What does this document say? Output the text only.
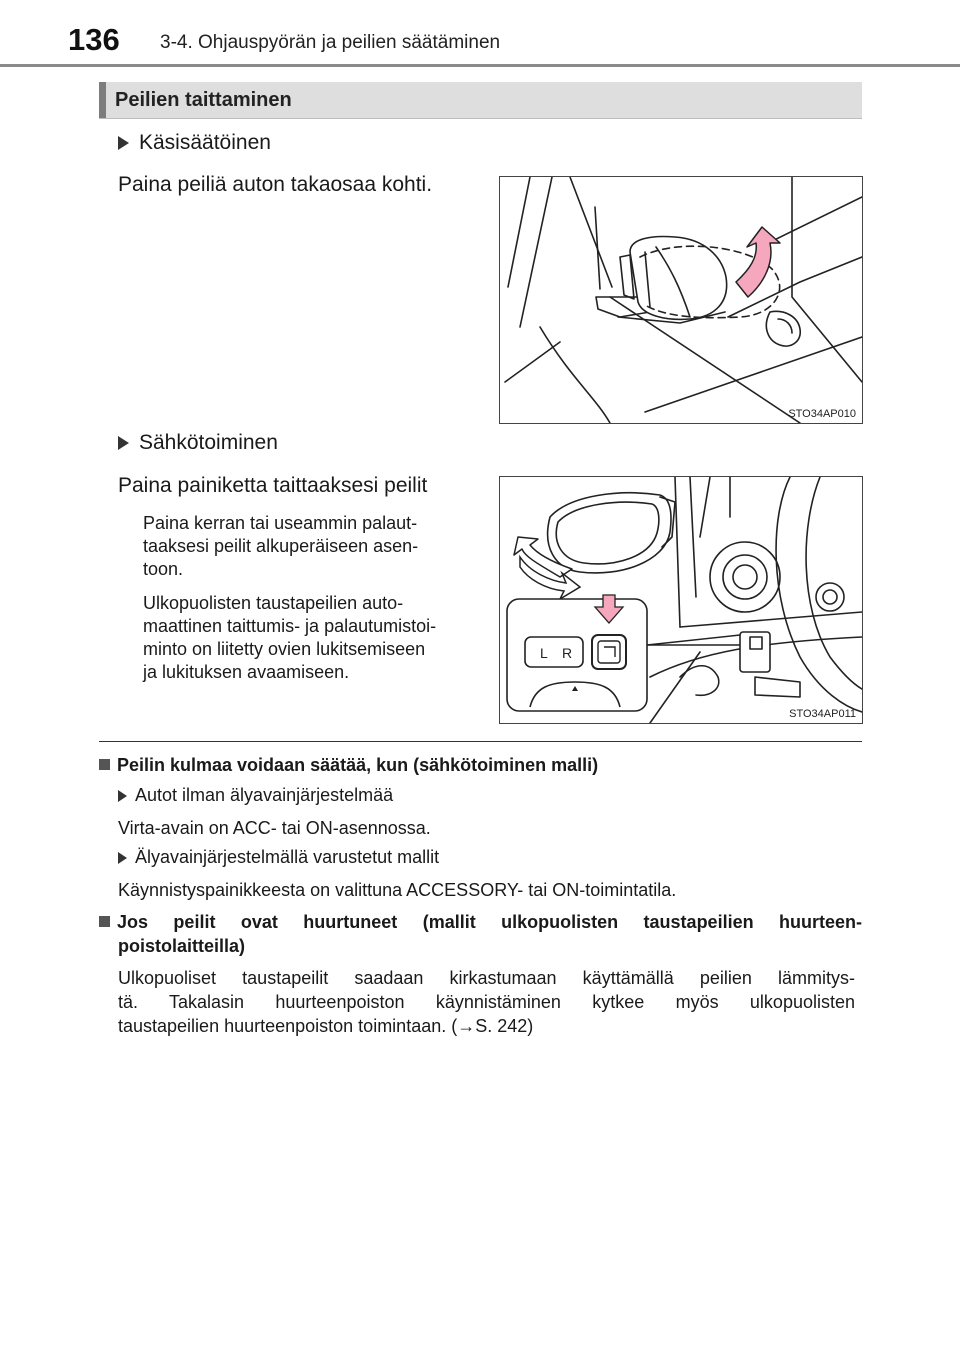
136 3-4. Ohjauspyörän ja peilien säätäminen
Peilien taittaminen
Käsisäätöinen
Paina peiliä auton takaosaa kohti.
STO34AP010
Sähkötoiminen
Paina painiketta taittaaksesi peilit
Paina kerran tai useammin palaut-
taaksesi peilit alkuperäiseen asen-
toon.
Ulkopuolisten taustapeilien auto-
maattinen taittumis- ja palautumistoi-
minto on liitetty ovien lukitsemiseen
ja lukituksen avaamiseen.
L R
STO34AP011
Peilin kulmaa voidaan säätää, kun (sähkötoiminen malli)
Autot ilman älyavainjärjestelmää
Virta-avain on ACC- tai ON-asennossa.
Älyavainjärjestelmällä varustetut mallit
Käynnistyspainikkeesta on valittuna ACCESSORY- tai ON-toimintatila.
Jos peilit ovat huurtuneet (mallit ulkopuolisten taustapeilien huurteen-
poistolaitteilla)
Ulkopuoliset taustapeilit saadaan kirkastumaan käyttämällä peilien lämmitys-
tä. Takalasin huurteenpoiston käynnistäminen kytkee myös ulkopuolisten
taustapeilien huurteenpoiston toimintaan. (→S. 242)
